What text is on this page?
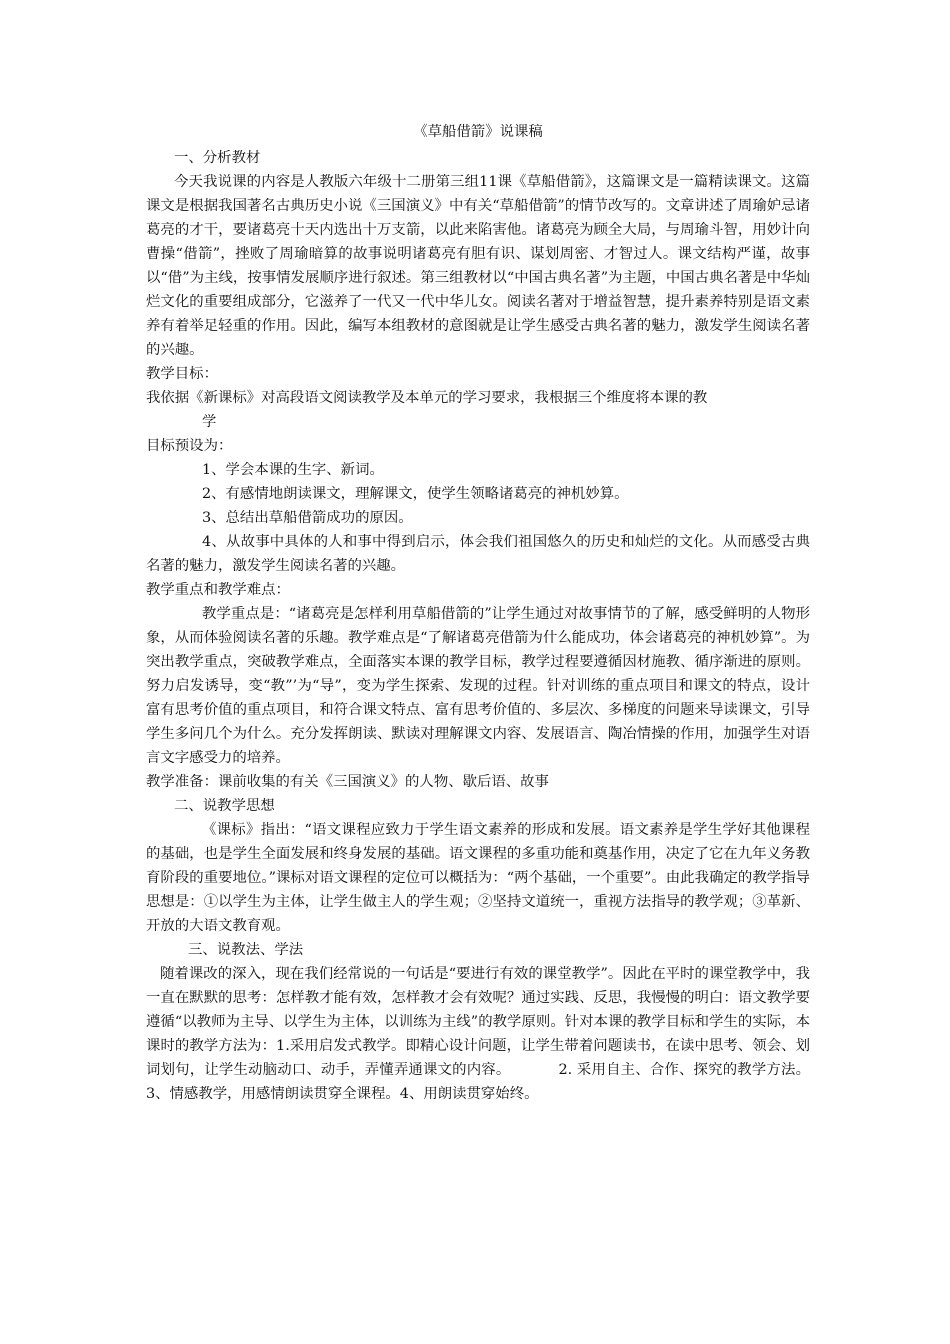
《草船借箭》说课稿
一、分析教材
今天我说课的内容是人教版六年级十二册第三组11课《草船借箭》，这篇课文是一篇精读课文。这篇课文是根据我国著名古典历史小说《三国演义》中有关“草船借箭”的情节改写的。文章讲述了周瑜妒忌诸葛亮的才干，要诸葛亮十天内选出十万支箭，以此来陷害他。诸葛亮为顾全大局，与周瑜斗智，用妙计向曹操“借箭”，挫败了周瑜暗算的故事说明诸葛亮有胆有识、谋划周密、才智过人。课文结构严谨，故事以“借”为主线，按事情发展顺序进行叙述。第三组教材以“中国古典名著”为主题，中国古典名著是中华灿烂文化的重要组成部分，它滋养了一代又一代中华儿女。阅读名著对于增益智慧，提升素养特别是语文素养有着举足轻重的作用。因此，编写本组教材的意图就是让学生感受古典名著的魅力，激发学生阅读名著的兴趣。
教学目标：
我依据《新课标》对高段语文阅读教学及本单元的学习要求，我根据三个维度将本课的教
学
目标预设为：
1、学会本课的生字、新词。
2、有感情地朗读课文，理解课文，使学生领略诸葛亮的神机妙算。
3、总结出草船借箭成功的原因。
4、从故事中具体的人和事中得到启示，体会我们祖国悠久的历史和灿烂的文化。从而感受古典名著的魅力，激发学生阅读名著的兴趣。
教学重点和教学难点：
教学重点是：“诸葛亮是怎样利用草船借箭的”让学生通过对故事情节的了解，感受鲜明的人物形象，从而体验阅读名著的乐趣。教学难点是“了解诸葛亮借箭为什么能成功，体会诸葛亮的神机妙算”。为突出教学重点，突破教学难点，全面落实本课的教学目标，教学过程要遵循因材施教、循序渐进的原则。努力启发诱导，变“教”’为“导”，变为学生探索、发现的过程。针对训练的重点项目和课文的特点，设计富有思考价值的重点项目，和符合课文特点、富有思考价值的、多层次、多梯度的问题来导读课文，引导学生多问几个为什么。充分发挥朗读、默读对理解课文内容、发展语言、陶冶情操的作用，加强学生对语言文字感受力的培养。
教学准备：课前收集的有关《三国演义》的人物、歇后语、故事
二、说教学思想
《课标》指出：“语文课程应致力于学生语文素养的形成和发展。语文素养是学生学好其他课程的基础，也是学生全面发展和终身发展的基础。语文课程的多重功能和奠基作用，决定了它在九年义务教育阶段的重要地位。”课标对语文课程的定位可以概括为：“两个基础，一个重要”。由此我确定的教学指导思想是：①以学生为主体，让学生做主人的学生观；②坚持文道统一，重视方法指导的教学观；③革新、开放的大语文教育观。
三、说教法、学法
随着课改的深入，现在我们经常说的一句话是“要进行有效的课堂教学”。因此在平时的课堂教学中，我一直在默默的思考：怎样教才能有效，怎样教才会有效呢？通过实践、反思，我慢慢的明白：语文教学要遵循“以教师为主导、以学生为主体，以训练为主线”的教学原则。针对本课的教学目标和学生的实际，本课时的教学方法为：1.采用启发式教学。即精心设计问题，让学生带着问题读书，在读中思考、领会、划词划句，让学生动脑动口、动手，弄懂弄通课文的内容。	2. 采用自主、合作、探究的教学方法。3、情感教学，用感情朗读贯穿全课程。4、用朗读贯穿始终。
